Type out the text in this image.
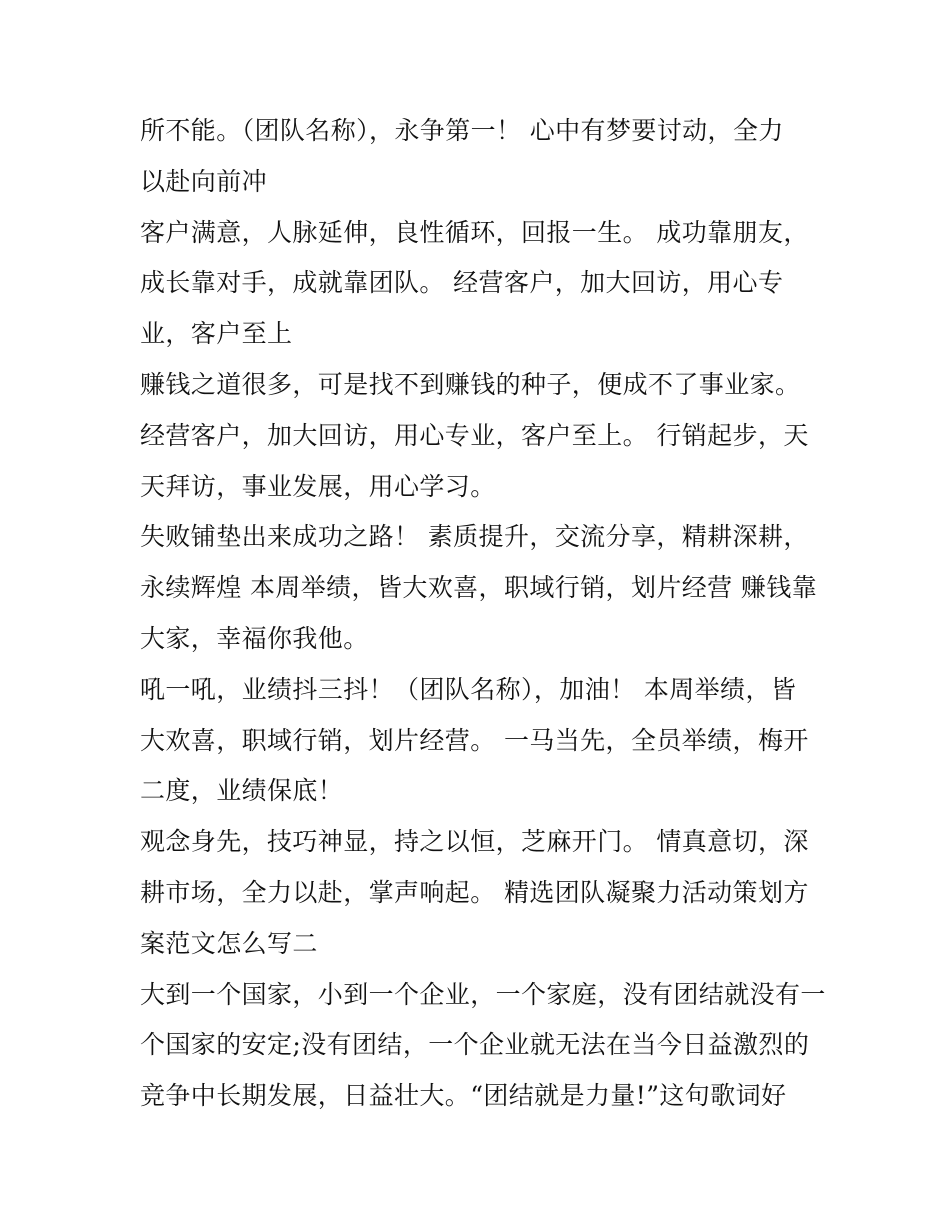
所不能。（团队名称），永争第一！ 心中有梦要讨动，全力
以赴向前冲
客户满意，人脉延伸，良性循环，回报一生。 成功靠朋友，
成长靠对手，成就靠团队。 经营客户，加大回访，用心专
业，客户至上
赚钱之道很多，可是找不到赚钱的种子，便成不了事业家。
经营客户，加大回访，用心专业，客户至上。 行销起步，天
天拜访，事业发展，用心学习。
失败铺垫出来成功之路！ 素质提升，交流分享，精耕深耕，
永续辉煌 本周举绩，皆大欢喜，职域行销，划片经营 赚钱靠
大家，幸福你我他。
吼一吼，业绩抖三抖！（团队名称），加油！ 本周举绩，皆
大欢喜，职域行销，划片经营。 一马当先，全员举绩，梅开
二度，业绩保底！
观念身先，技巧神显，持之以恒，芝麻开门。 情真意切，深
耕市场，全力以赴，掌声响起。 精选团队凝聚力活动策划方
案范文怎么写二
大到一个国家，小到一个企业，一个家庭，没有团结就没有一
个国家的安定;没有团结，一个企业就无法在当今日益激烈的
竞争中长期发展，日益壮大。“团结就是力量!”这句歌词好
